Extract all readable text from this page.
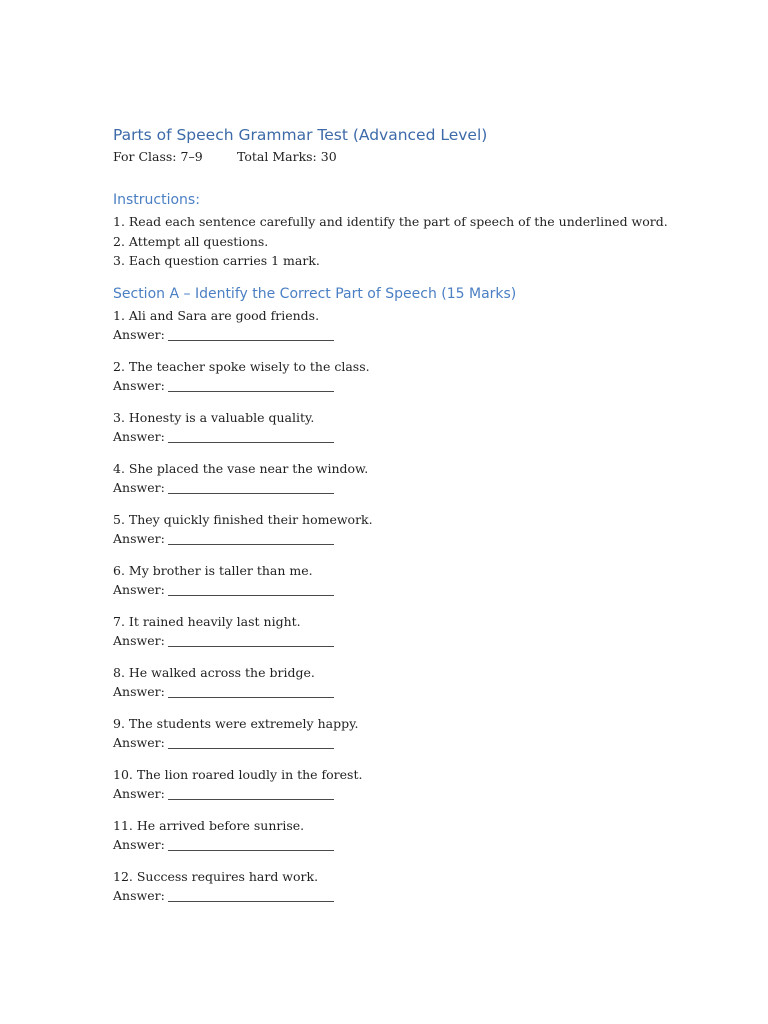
Parts of Speech Grammar Test (Advanced Level)
For Class: 7–9	Total Marks: 30
Instructions:
1. Read each sentence carefully and identify the part of speech of the underlined word.
2. Attempt all questions.
3. Each question carries 1 mark.
Section A – Identify the Correct Part of Speech (15 Marks)
1. Ali and Sara are good friends.
Answer:
2. The teacher spoke wisely to the class.
Answer:
3. Honesty is a valuable quality.
Answer:
4. She placed the vase near the window.
Answer:
5. They quickly finished their homework.
Answer:
6. My brother is taller than me.
Answer:
7. It rained heavily last night.
Answer:
8. He walked across the bridge.
Answer:
9. The students were extremely happy.
Answer:
10. The lion roared loudly in the forest.
Answer:
11. He arrived before sunrise.
Answer:
12. Success requires hard work.
Answer:
